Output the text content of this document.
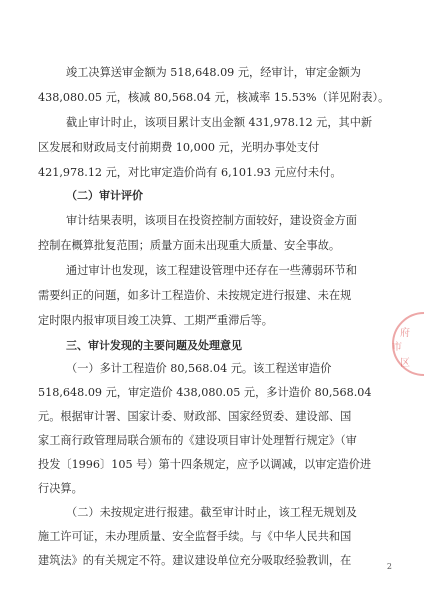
竣工决算送审金额为 518,648.09 元，经审计，审定金额为
438,080.05 元，核减 80,568.04 元，核减率 15.53%（详见附表）。
截止审计时止，该项目累计支出金额 431,978.12 元，其中新
区发展和财政局支付前期费 10,000 元，光明办事处支付
421,978.12 元，对比审定造价尚有 6,101.93 元应付未付。
（二）审计评价
审计结果表明，该项目在投资控制方面较好，建设资金方面
控制在概算批复范围；质量方面未出现重大质量、安全事故。
通过审计也发现，该工程建设管理中还存在一些薄弱环节和
需要纠正的问题，如多计工程造价、未按规定进行报建、未在规
定时限内报审项目竣工决算、工期严重滞后等。
三、审计发现的主要问题及处理意见
（一）多计工程造价 80,568.04 元。该工程送审造价
518,648.09 元，审定造价 438,080.05 元，多计造价 80,568.04
元。根据审计署、国家计委、财政部、国家经贸委、建设部、国
家工商行政管理局联合颁布的《建设项目审计处理暂行规定》（审
投发〔1996〕105 号）第十四条规定，应予以调减，以审定造价进
行决算。
（二）未按规定进行报建。截至审计时止，该工程无规划及
施工许可证，未办理质量、安全监督手续。与《中华人民共和国
建筑法》的有关规定不符。建议建设单位充分吸取经验教训，在	2
府
市
区
